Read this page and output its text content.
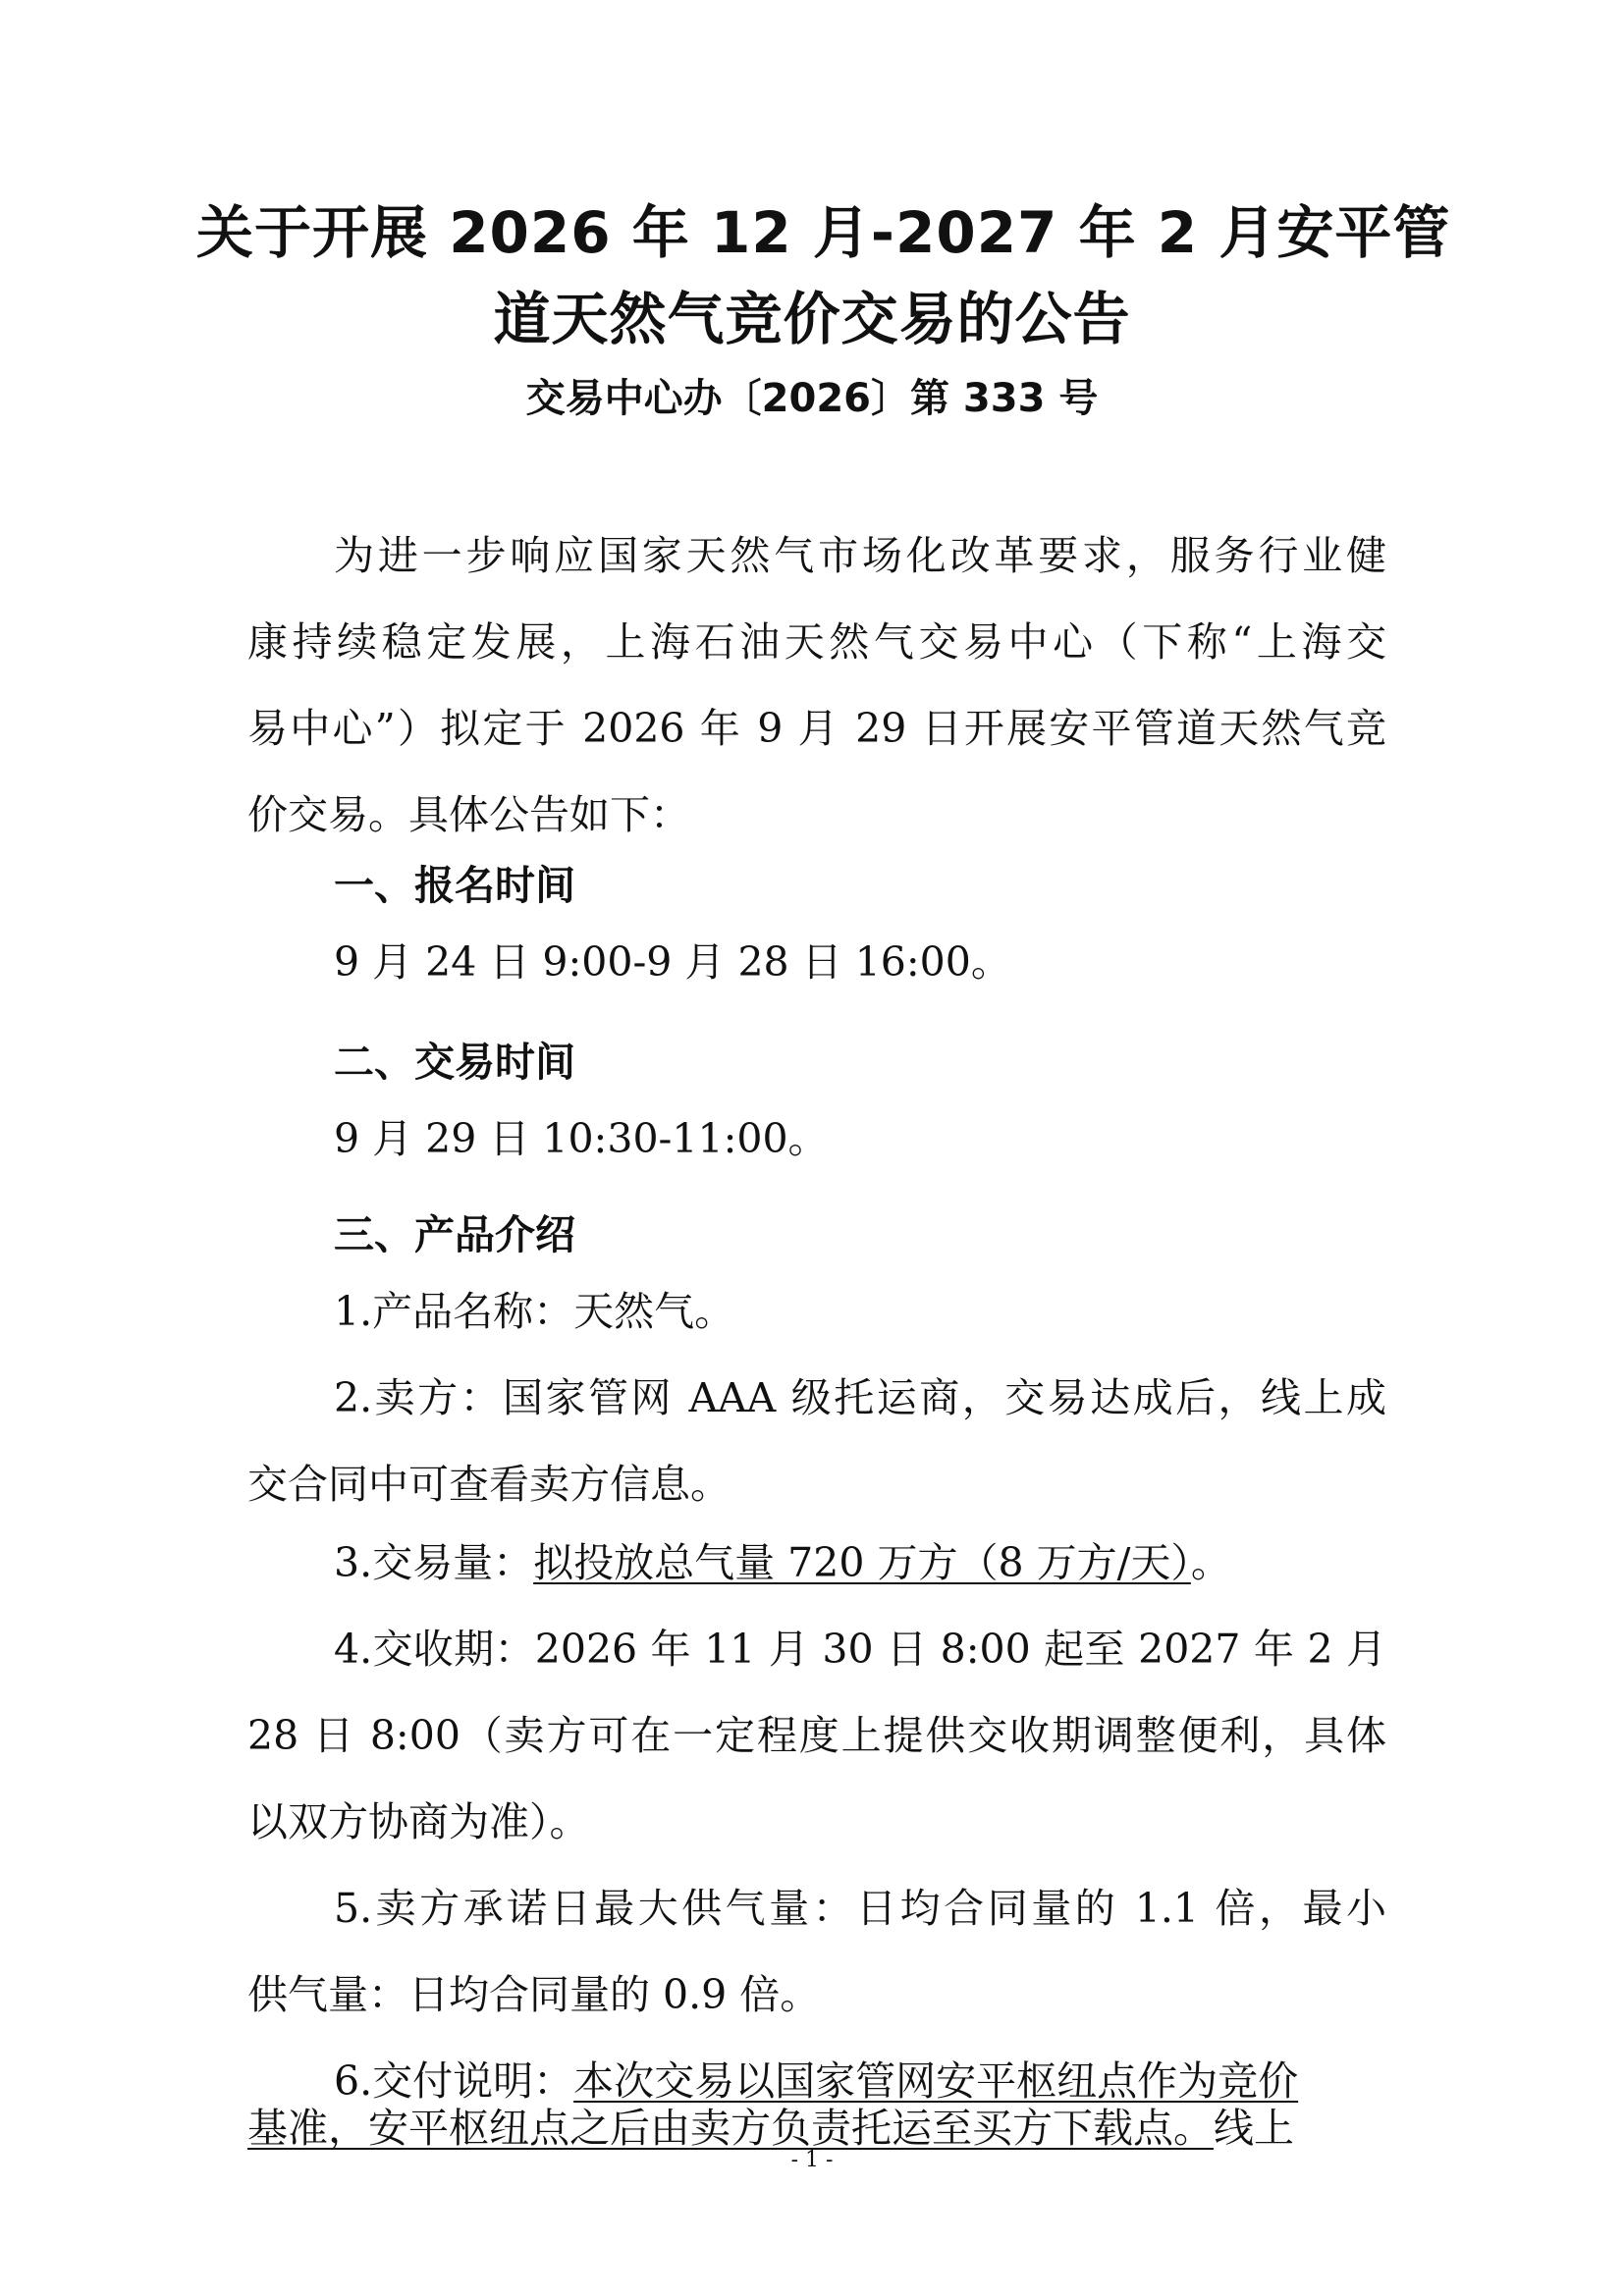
关于开展 2026 年 12 月-2027 年 2 月安平管
道天然气竞价交易的公告
交易中心办〔2026〕第 333 号
为进一步响应国家天然气市场化改革要求，服务行业健
康持续稳定发展，上海石油天然气交易中心（下称“上海交
易中心”）拟定于 2026 年 9 月 29 日开展安平管道天然气竞
价交易。具体公告如下：
一、报名时间
9 月 24 日 9:00-9 月 28 日 16:00。
二、交易时间
9 月 29 日 10:30-11:00。
三、产品介绍
1.产品名称：天然气。
2.卖方：国家管网 AAA 级托运商，交易达成后，线上成
交合同中可查看卖方信息。
3.交易量：拟投放总气量 720 万方（8 万方/天）。
4.交收期：2026 年 11 月 30 日 8:00 起至 2027 年 2 月
28 日 8:00（卖方可在一定程度上提供交收期调整便利，具体
以双方协商为准）。
5.卖方承诺日最大供气量：日均合同量的 1.1 倍，最小
供气量：日均合同量的 0.9 倍。
6.交付说明：本次交易以国家管网安平枢纽点作为竞价
基准，安平枢纽点之后由卖方负责托运至买方下载点。线上
- 1 -
